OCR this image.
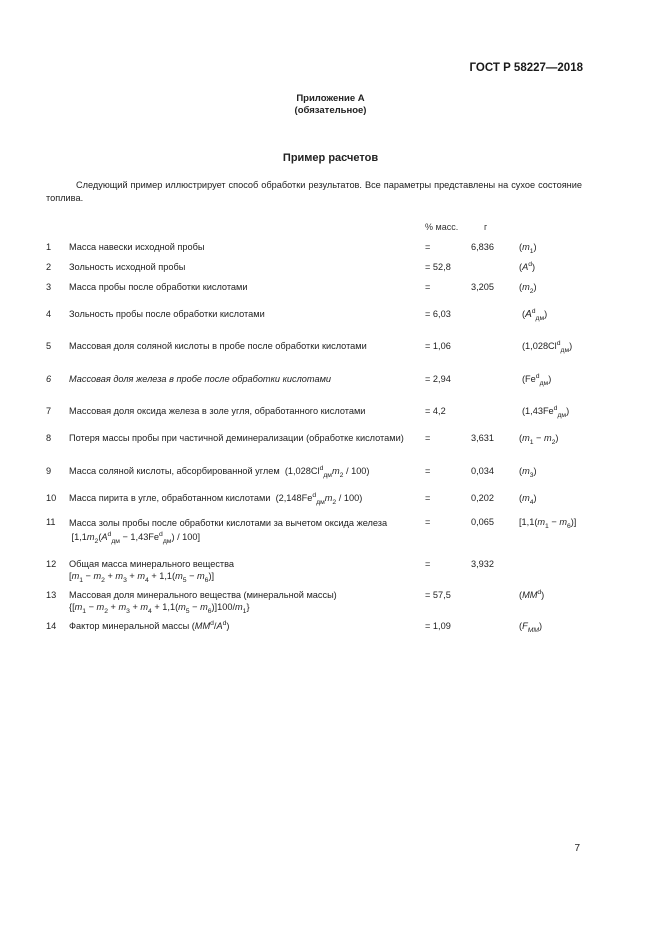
ГОСТ Р 58227—2018
Приложение А
(обязательное)
Пример расчетов
Следующий пример иллюстрирует способ обработки результатов. Все параметры представлены на сухое состояние топлива.
% масс.	г
1 Масса навески исходной пробы	=	6,836	$(m_1)$
2 Зольность исходной пробы	= 52,8	$(A^d)$
3 Масса пробы после обработки кислотами	=	3,205	$(m_2)$
4 Зольность пробы после обработки кислотами	= 6,03	$(A^d_{дм})$
5 Массовая доля соляной кислоты в пробе после обработки кислотами	= 1,06	$(1,028Cl^d_{дм})$
6 Массовая доля железа в пробе после обработки кислотами	= 2,94	$(Fe^d_{дм})$
7 Массовая доля оксида железа в золе угля, обработанного кислотами	= 4,2	$(1,43Fe^d_{дм})$
8 Потеря массы пробы при частичной деминерализации (обработке кислотами)	=	3,631	$(m_1 - m_2)$
9 Масса соляной кислоты, абсорбированной углем  $(1,028Cl^d_{дм}m_2 / 100)$	=	0,034	$(m_3)$
10 Масса пирита в угле, обработанном кислотами  $(2,148Fe^d_{дм}m_2 / 100)$	=	0,202	$(m_4)$
11 Масса золы пробы после обработки кислотами за вычетом оксида железа
$[1,1m_2(A^d_{дм} - 1,43Fe^d_{дм}) / 100]$
=	0,065	$[1,1(m_1 - m_6)]$
12 Общая масса минерального вещества
$[m_1 - m_2 + m_3 + m_4 + 1,1(m_5 - m_6)]$
=	3,932
13 Массовая доля минерального вещества (минеральной массы)
$\{[m_1 - m_2 + m_3 + m_4 + 1,1(m_5 - m_6)]100/m_1\}$
= 57,5	$(MM^d)$
14 Фактор минеральной массы $(MM^d/A^d)$	= 1,09	$(F_{MM})$
7
